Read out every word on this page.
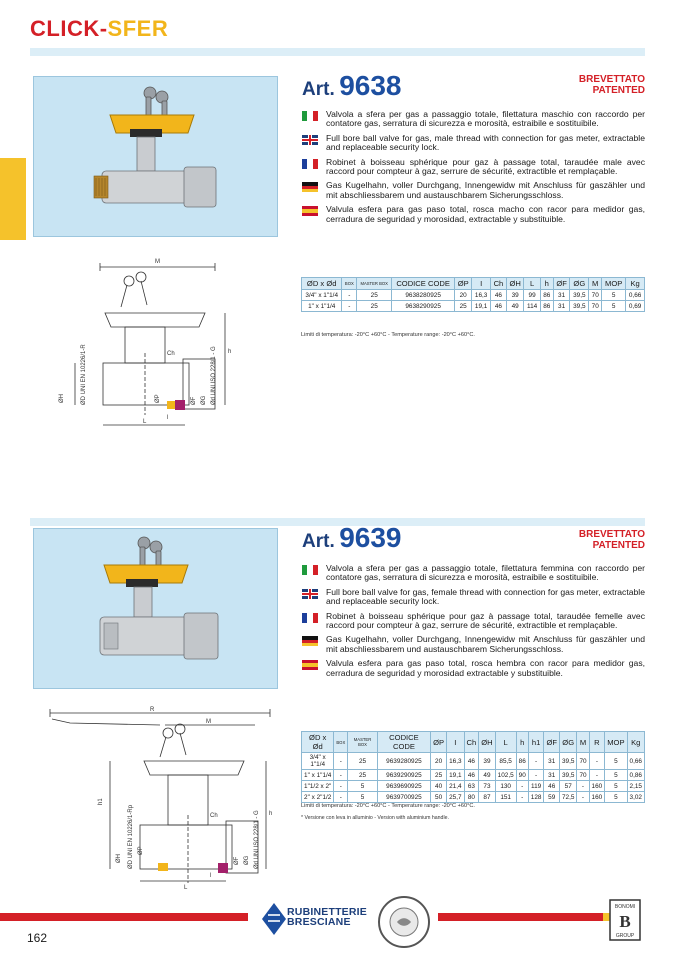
CLICK-SFER
Art. 9638	BREVETTATO
PATENTED
Valvola a sfera per gas a passaggio totale, filettatura maschio con raccordo per contatore gas, serratura di sicurezza e morosità, estraibile e sostituibile.
Full bore ball valve for gas, male thread with connection for gas meter, extractable and replaceable security lock.
Robinet à boisseau sphérique pour gaz à passage total, taraudée male avec raccord pour compteur à gaz, serrure de sécurité, extractible et remplaçable.
Gas Kugelhahn, voller Durchgang, Innengewidw mit Anschluss für gaszähler und mit abschliessbarem und austauschbarem Sicherungsschloss.
Valvula esfera para gas paso total, rosca macho con racor para medidor gas, cerradura de seguridad y morosidad, extractable y substituible.
M
L
h
Ch
ØH	ØD UNI EN 10226/1-R	Ød UNI ISO 228/1 - G
ØF ØG
ØP
l
ØD x Ød	BOX	MASTER BOX	CODICE CODE	ØP	I	Ch	ØH	L	h	ØF	ØG	M	MOP	Kg
3/4" x 1"1/4	-	25	9638280925	20	16,3	46	39	99	86	31	39,5	70	5	0,66
1" x 1"1/4	-	25	9638290925	25	19,1	46	49	114	86	31	39,5	70	5	0,69
Limiti di temperatura: -20°C +60°C - Temperature range: -20°C +60°C.
Art. 9639	BREVETTATO
PATENTED
Valvola a sfera per gas a passaggio totale, filettatura femmina con raccordo per contatore gas, serratura di sicurezza e morosità, estraibile e sostituibile.
Full bore ball valve for gas, female thread with connection for gas meter, extractable and replaceable security lock.
Robinet à boisseau sphérique pour gaz à passage total, taraudée femelle avec raccord pour compteur à gaz, serrure de sécurité, extractible et remplaçable.
Gas Kugelhahn, voller Durchgang, Innengewidw mit Anschluss für gaszähler und mit abschliessbarem und austauschbarem Sicherungsschloss.
Valvula esfera para gas paso total, rosca hembra con racor para medidor gas, cerradura de seguridad y morosidad extractable y substituible.
R
M
L
h
h1
Ch
ØH ØD UNI EN 10226/1-Rp	Ød UNI ISO 228/1 - G
ØF ØG
ØP
l
ØD x Ød	BOX	MASTER BOX	CODICE CODE	ØP	I	Ch	ØH	L	h	h1	ØF	ØG	M	R	MOP	Kg
3/4" x 1"1/4	-	25	9639280925	20	16,3	46	39	85,5	86	-	31	39,5	70	-	5	0,66
1" x 1"1/4	-	25	9639290925	25	19,1	46	49	102,5	90	-	31	39,5	70	-	5	0,86
1"1/2 x 2"	-	5	9639690925	40	21,4	63	73	130	-	119	46	57	-	160	5	2,15
2" x 2"1/2	-	5	9639700925	50	25,7	80	87	151	-	128	59	72,5	-	160	5	3,02
Limiti di temperatura: -20°C +60°C - Temperature range: -20°C +60°C.
* Versione con leva in alluminio - Version with aluminium handle.
162
RUBINETTERIE
BRESCIANE
BONOMI
B
GROUP
